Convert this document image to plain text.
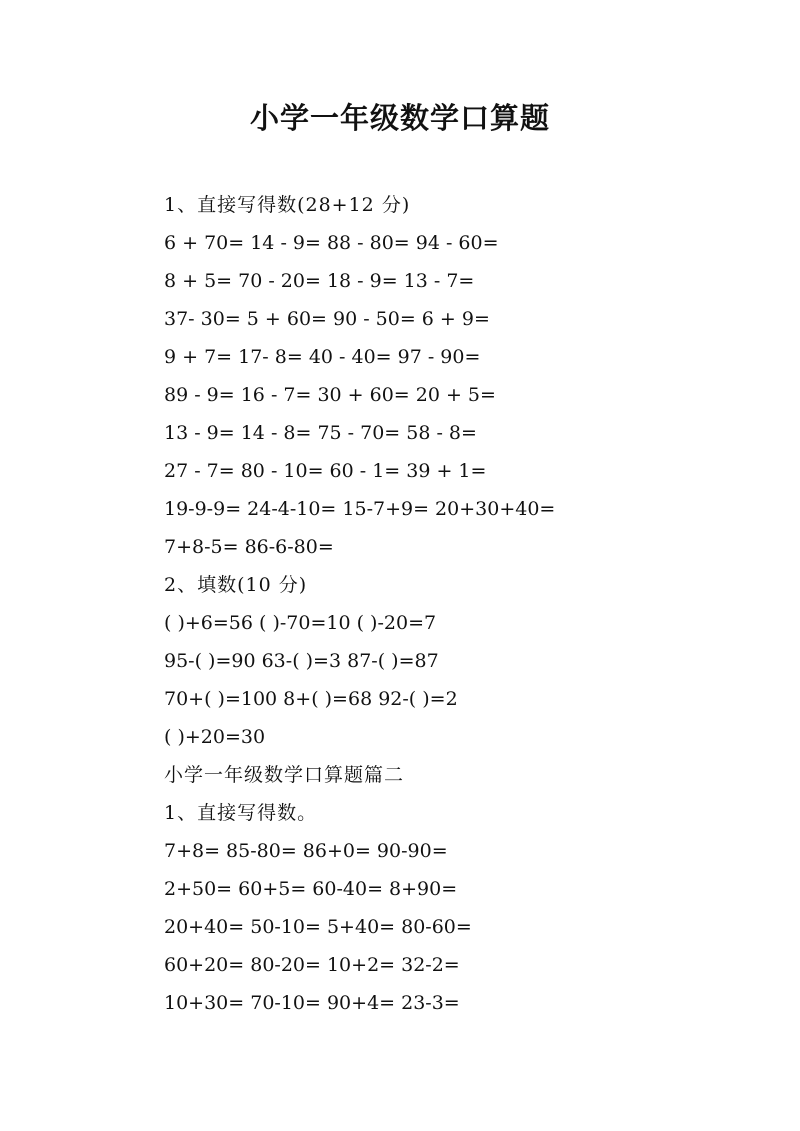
小学一年级数学口算题
1、直接写得数(28+12 分)
6 + 70= 14 - 9= 88 - 80= 94 - 60=
8 + 5= 70 - 20= 18 - 9= 13 - 7=
37- 30= 5 + 60= 90 - 50= 6 + 9=
9 + 7= 17- 8= 40 - 40= 97 - 90=
89 - 9= 16 - 7= 30 + 60= 20 + 5=
13 - 9= 14 - 8= 75 - 70= 58 - 8=
27 - 7= 80 - 10= 60 - 1= 39 + 1=
19-9-9= 24-4-10= 15-7+9= 20+30+40=
7+8-5= 86-6-80=
2、填数(10 分)
( )+6=56 ( )-70=10 ( )-20=7
95-( )=90 63-( )=3 87-( )=87
70+( )=100 8+( )=68 92-( )=2
( )+20=30
小学一年级数学口算题篇二
1、直接写得数。
7+8= 85-80= 86+0= 90-90=
2+50= 60+5= 60-40= 8+90=
20+40= 50-10= 5+40= 80-60=
60+20= 80-20= 10+2= 32-2=
10+30= 70-10= 90+4= 23-3=
